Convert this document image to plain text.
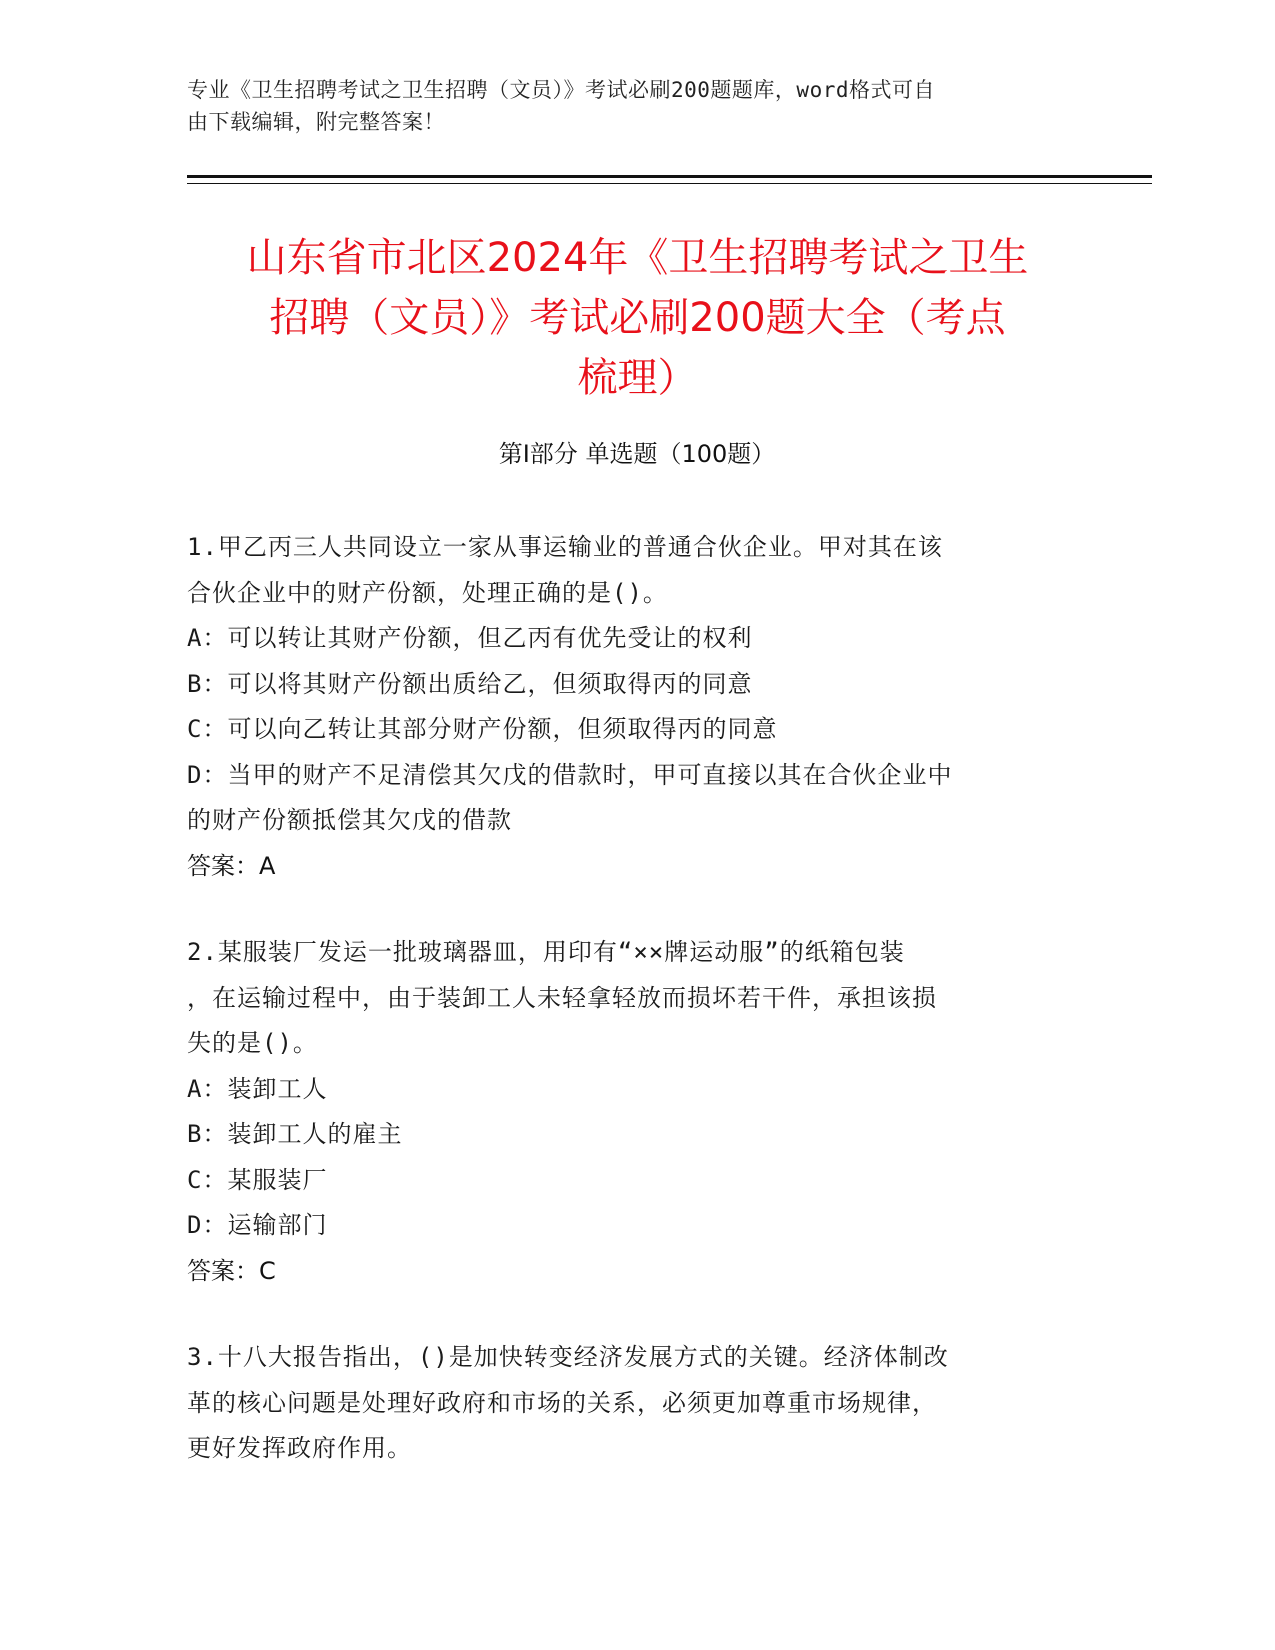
专业《卫生招聘考试之卫生招聘（文员）》考试必刷200题题库，word格式可自
由下载编辑，附完整答案！
山东省市北区2024年《卫生招聘考试之卫生
招聘（文员）》考试必刷200题大全（考点
梳理）
第I部分 单选题（100题）
1.甲乙丙三人共同设立一家从事运输业的普通合伙企业。甲对其在该
合伙企业中的财产份额，处理正确的是()。
A：可以转让其财产份额，但乙丙有优先受让的权利
B：可以将其财产份额出质给乙，但须取得丙的同意
C：可以向乙转让其部分财产份额，但须取得丙的同意
D：当甲的财产不足清偿其欠戊的借款时，甲可直接以其在合伙企业中
的财产份额抵偿其欠戊的借款
答案：A
2.某服装厂发运一批玻璃器皿，用印有“××牌运动服”的纸箱包装
，在运输过程中，由于装卸工人未轻拿轻放而损坏若干件，承担该损
失的是()。
A：装卸工人
B：装卸工人的雇主
C：某服装厂
D：运输部门
答案：C
3.十八大报告指出，()是加快转变经济发展方式的关键。经济体制改
革的核心问题是处理好政府和市场的关系，必须更加尊重市场规律，
更好发挥政府作用。
